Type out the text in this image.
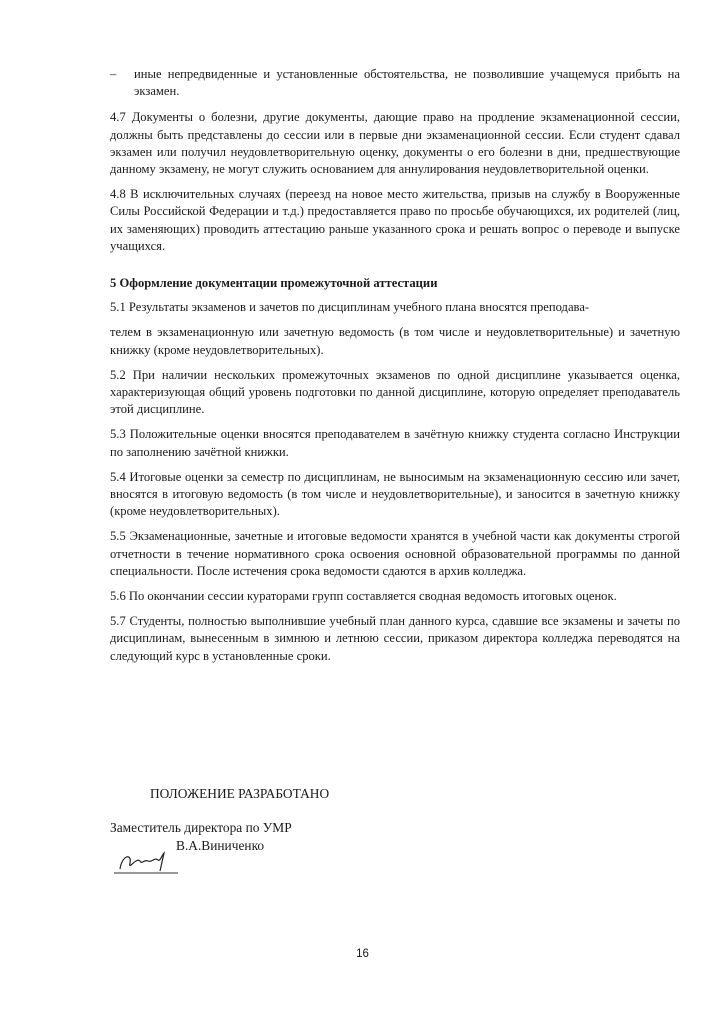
–	иные непредвиденные и установленные обстоятельства, не позволившие учащемуся прибыть на экзамен.

4.7 Документы о болезни, другие документы, дающие право на продление экзаменационной сессии, должны быть представлены до сессии или в первые дни экзаменационной сессии. Если студент сдавал экзамен или получил неудовлетворительную оценку, документы о его болезни в дни, предшествующие данному экзамену, не могут служить основанием для аннулирования неудовлетворительной оценки.

4.8 В исключительных случаях (переезд на новое место жительства, призыв на службу в Вооруженные Силы Российской Федерации и т.д.) предоставляется право по просьбе обучающихся, их родителей (лиц, их заменяющих) проводить аттестацию раньше указанного срока и решать вопрос о переводе и выпуске учащихся.

5 Оформление документации промежуточной аттестации

5.1 Результаты экзаменов и зачетов по дисциплинам учебного плана вносятся преподава-

телем в экзаменационную или зачетную ведомость (в том числе и неудовлетворительные) и зачетную книжку (кроме неудовлетворительных).

5.2 При наличии нескольких промежуточных экзаменов по одной дисциплине указывается оценка, характеризующая общий уровень подготовки по данной дисциплине, которую определяет преподаватель этой дисциплине.

5.3 Положительные оценки вносятся преподавателем в зачётную книжку студента согласно Инструкции по заполнению зачётной книжки.

5.4 Итоговые оценки за семестр по дисциплинам, не выносимым на экзаменационную сессию или зачет, вносятся в итоговую ведомость (в том числе и неудовлетворительные), и заносится в зачетную книжку (кроме неудовлетворительных).

5.5 Экзаменационные, зачетные и итоговые ведомости хранятся в учебной части как документы строгой отчетности в течение нормативного срока освоения основной образовательной программы по данной специальности. После истечения срока ведомости сдаются в архив колледжа.

5.6 По окончании сессии кураторами групп составляется сводная ведомость итоговых оценок.

5.7 Студенты, полностью выполнившие учебный план данного курса, сдавшие все экзамены и зачеты по дисциплинам, вынесенным в зимнюю и летнюю сессии, приказом директора колледжа переводятся на следующий курс в установленные сроки.

ПОЛОЖЕНИЕ РАЗРАБОТАНО
Заместитель директора по УМР
В.А.Виниченко
16
